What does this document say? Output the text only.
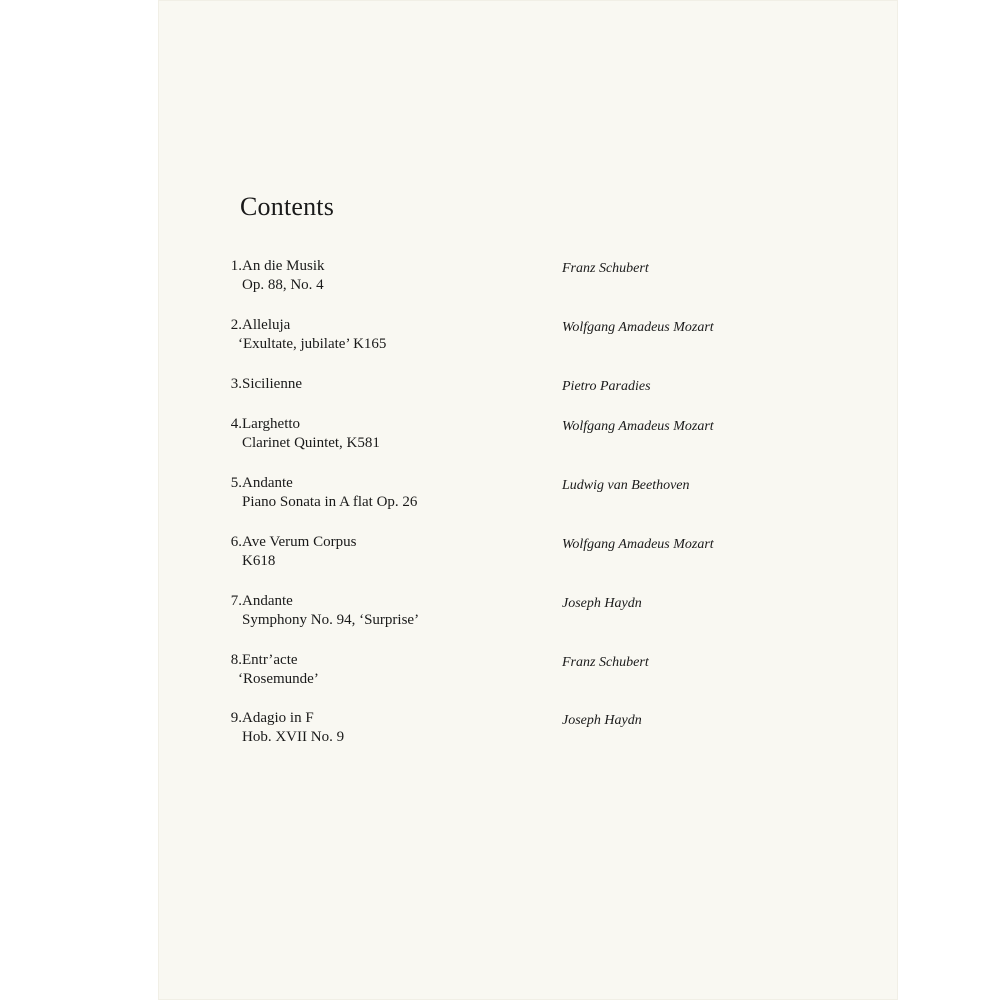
Contents
1. An die Musik
Op. 88, No. 4
Franz Schubert
2. Alleluja
‘Exultate, jubilate’ K165
Wolfgang Amadeus Mozart
3. Sicilienne	Pietro Paradies
4. Larghetto
Clarinet Quintet, K581
Wolfgang Amadeus Mozart
5. Andante
Piano Sonata in A flat Op. 26
Ludwig van Beethoven
6. Ave Verum Corpus
K618
Wolfgang Amadeus Mozart
7. Andante
Symphony No. 94, ‘Surprise’
Joseph Haydn
8. Entr’acte
‘Rosemunde’
Franz Schubert
9. Adagio in F
Hob. XVII No. 9
Joseph Haydn
